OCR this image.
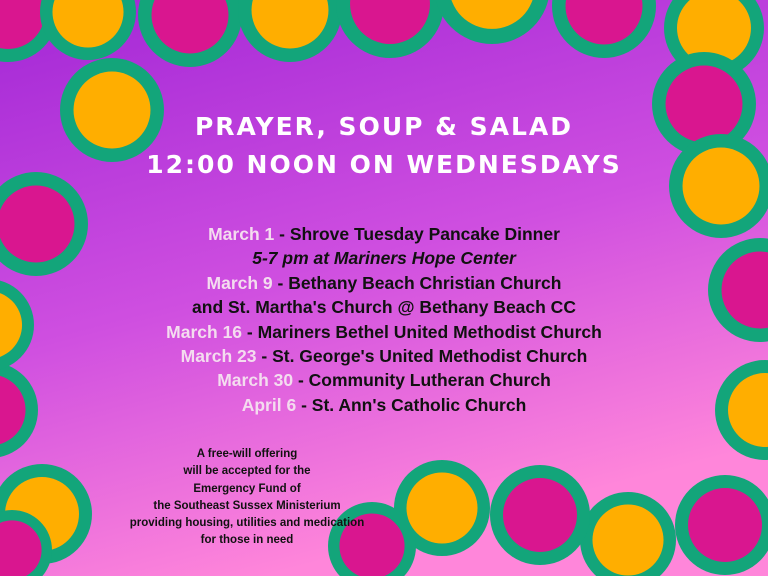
PRAYER, SOUP & SALAD
12:00 NOON ON WEDNESDAYS
March 1 - Shrove Tuesday Pancake Dinner
5-7 pm at Mariners Hope Center
March 9 - Bethany Beach Christian Church
and St. Martha's Church @ Bethany Beach CC
March 16 - Mariners Bethel United Methodist Church
March 23 - St. George's United Methodist Church
March 30 - Community Lutheran Church
April 6 - St. Ann's Catholic Church
A free-will offering
will be accepted for the
Emergency Fund of
the Southeast Sussex Ministerium
providing housing, utilities and medication
for those in need
